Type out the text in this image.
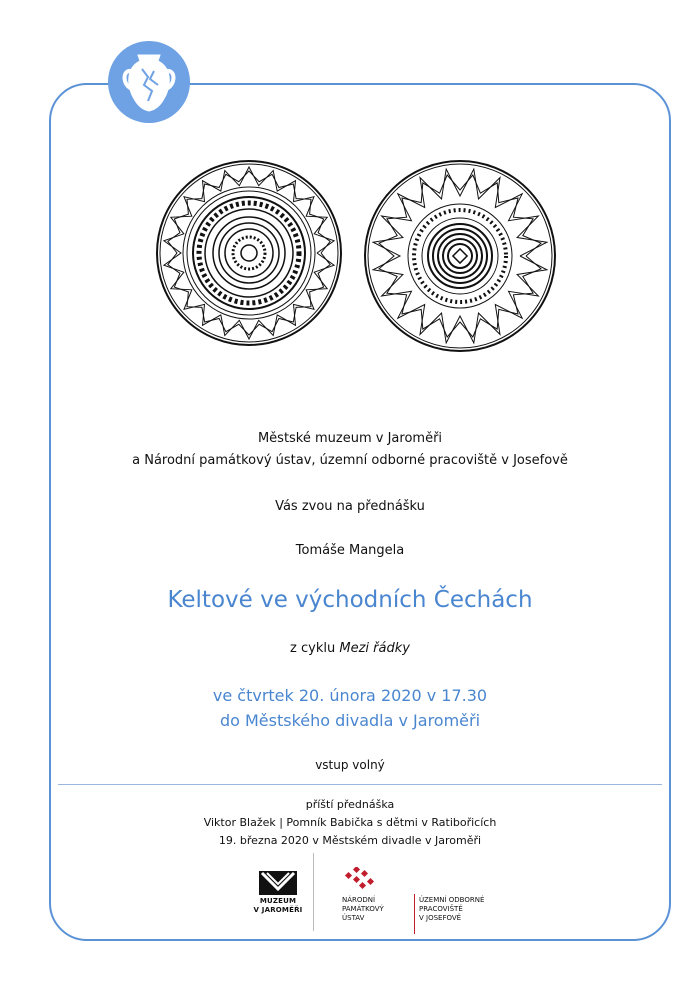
Městské muzeum v Jaroměři
a Národní památkový ústav, územní odborné pracoviště v Josefově
Vás zvou na přednášku
Tomáše Mangela
Keltové ve východních Čechách
z cyklu Mezi řádky
ve čtvrtek 20. února 2020 v 17.30
do Městského divadla v Jaroměři
vstup volný
příští přednáška
Viktor Blažek | Pomník Babička s dětmi v Ratibořicích
19. března 2020 v Městském divadle v Jaroměři
MUZEUM
V JAROMĚŘI
NÁRODNÍ
PAMÁTKOVÝ
ÚSTAV
ÚZEMNÍ ODBORNÉ
PRACOVIŠTĚ
V JOSEFOVĚ
